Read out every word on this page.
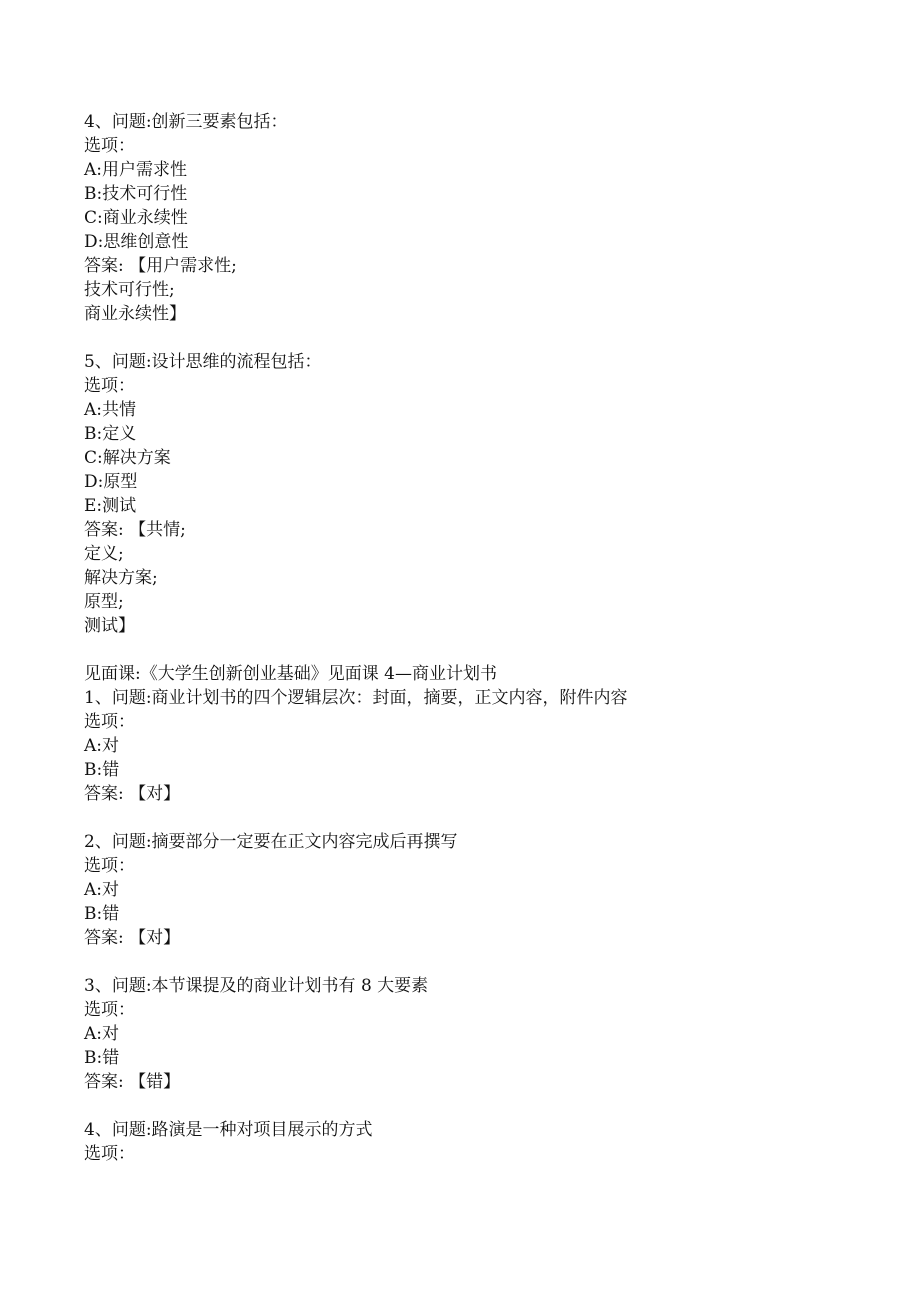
4、问题:创新三要素包括：
选项：
A:用户需求性
B:技术可行性
C:商业永续性
D:思维创意性
答案: 【用户需求性;
技术可行性;
商业永续性】
5、问题:设计思维的流程包括：
选项：
A:共情
B:定义
C:解决方案
D:原型
E:测试
答案: 【共情;
定义;
解决方案;
原型;
测试】
见面课:《大学生创新创业基础》见面课 4—商业计划书
1、问题:商业计划书的四个逻辑层次：封面，摘要，正文内容，附件内容
选项：
A:对
B:错
答案: 【对】
2、问题:摘要部分一定要在正文内容完成后再撰写
选项：
A:对
B:错
答案: 【对】
3、问题:本节课提及的商业计划书有 8 大要素
选项：
A:对
B:错
答案: 【错】
4、问题:路演是一种对项目展示的方式
选项：
